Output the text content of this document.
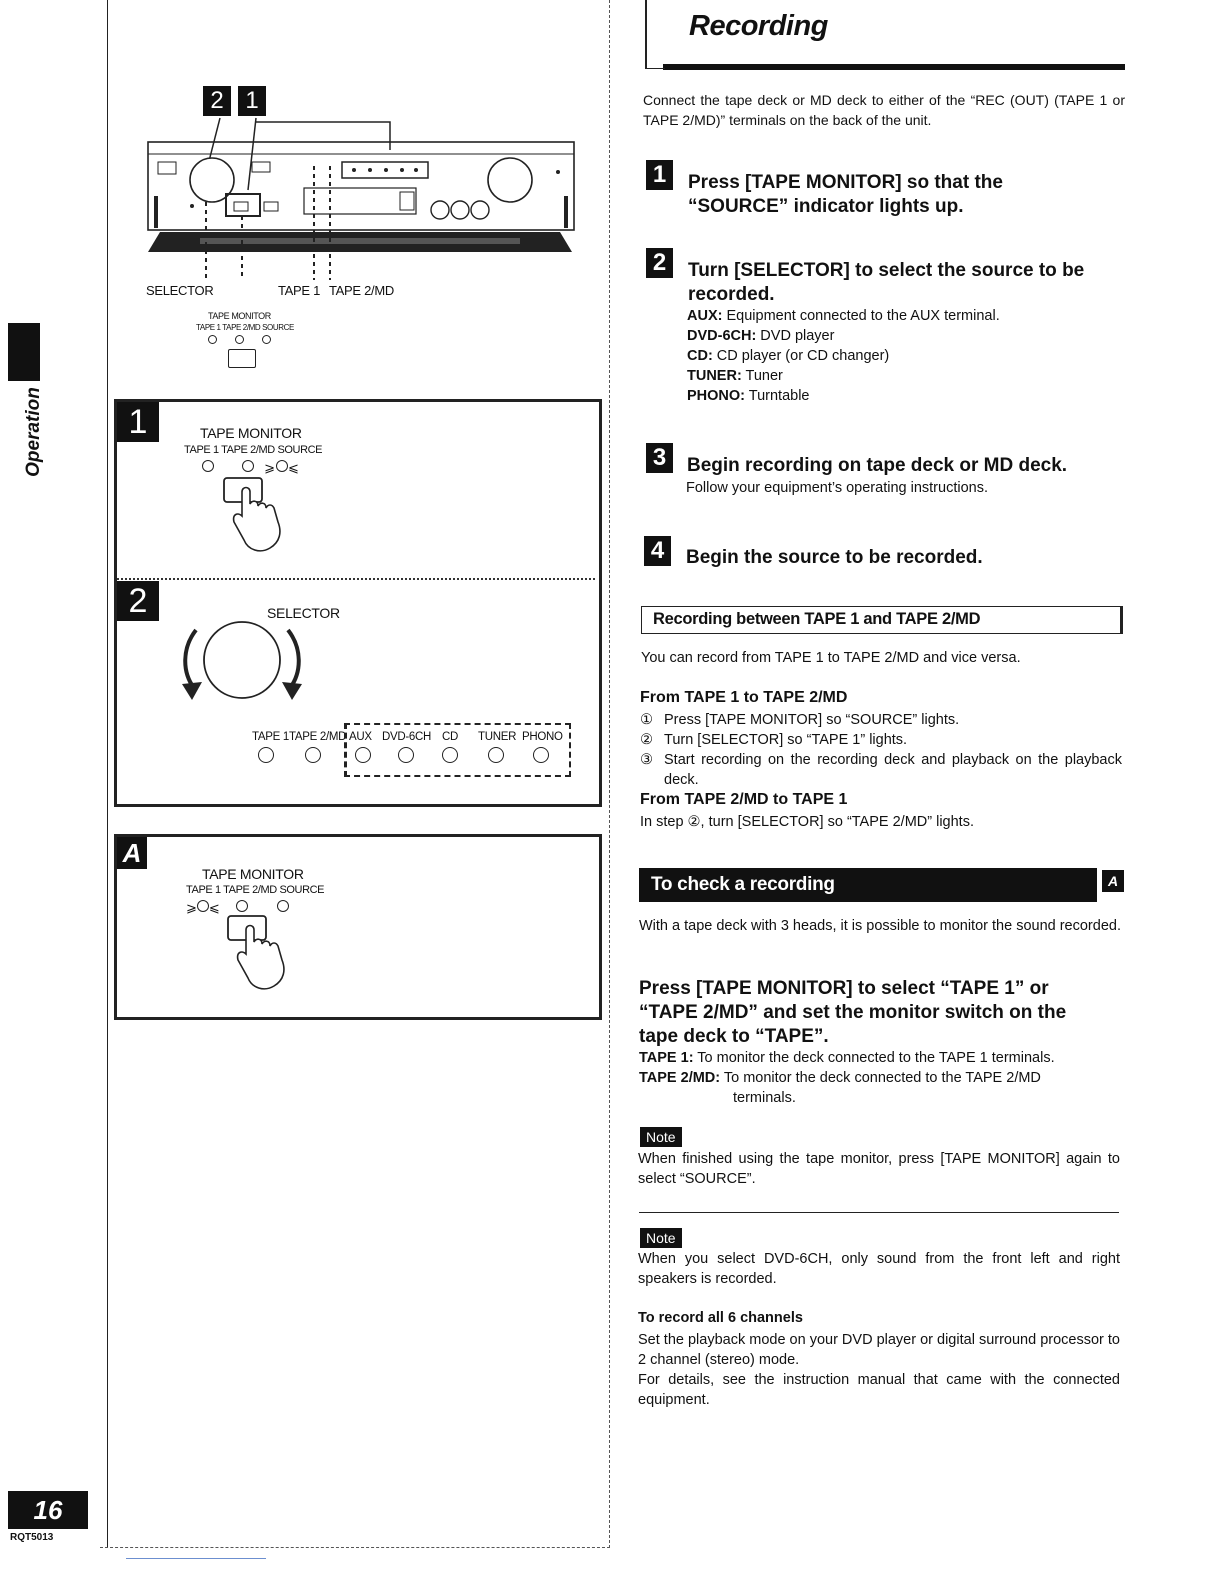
Operation
16
RQT5013
2 1
SELECTOR	TAPE 1 TAPE 2/MD
TAPE MONITOR
TAPE 1 TAPE 2/MD SOURCE
1	TAPE MONITOR
TAPE 1 TAPE 2/MD SOURCE
⩾ ⩽
2	SELECTOR
TAPE 1 TAPE 2/MD AUX DVD-6CH CD TUNER PHONO
A
TAPE MONITOR
TAPE 1 TAPE 2/MD SOURCE
⩾ ⩽
Recording
Connect the tape deck or MD deck to either of the “REC (OUT) (TAPE 1 or TAPE 2/MD)” terminals on the back of the unit.
1	Press [TAPE MONITOR] so that the
“SOURCE” indicator lights up.
2	Turn [SELECTOR] to select the source to be
recorded.
AUX: Equipment connected to the AUX terminal.
DVD-6CH: DVD player
CD: CD player (or CD changer)
TUNER: Tuner
PHONO: Turntable
3	Begin recording on tape deck or MD deck.
Follow your equipment’s operating instructions.
4	Begin the source to be recorded.
Recording between TAPE 1 and TAPE 2/MD
You can record from TAPE 1 to TAPE 2/MD and vice versa.
From TAPE 1 to TAPE 2/MD
① Press [TAPE MONITOR] so “SOURCE” lights.
② Turn [SELECTOR] so “TAPE 1” lights.
③ Start recording on the recording deck and playback on the playback deck.
From TAPE 2/MD to TAPE 1
In step ②, turn [SELECTOR] so “TAPE 2/MD” lights.
To check a recording	A
With a tape deck with 3 heads, it is possible to monitor the sound recorded.
Press [TAPE MONITOR] to select “TAPE 1” or
“TAPE 2/MD” and set the monitor switch on the
tape deck to “TAPE”.
TAPE 1: To monitor the deck connected to the TAPE 1 terminals.
TAPE 2/MD: To monitor the deck connected to the TAPE 2/MD
terminals.
Note
When finished using the tape monitor, press [TAPE MONITOR] again to select “SOURCE”.
Note
When you select DVD-6CH, only sound from the front left and right speakers is recorded.
To record all 6 channels
Set the playback mode on your DVD player or digital surround processor to 2 channel (stereo) mode.
For details, see the instruction manual that came with the connected equipment.
